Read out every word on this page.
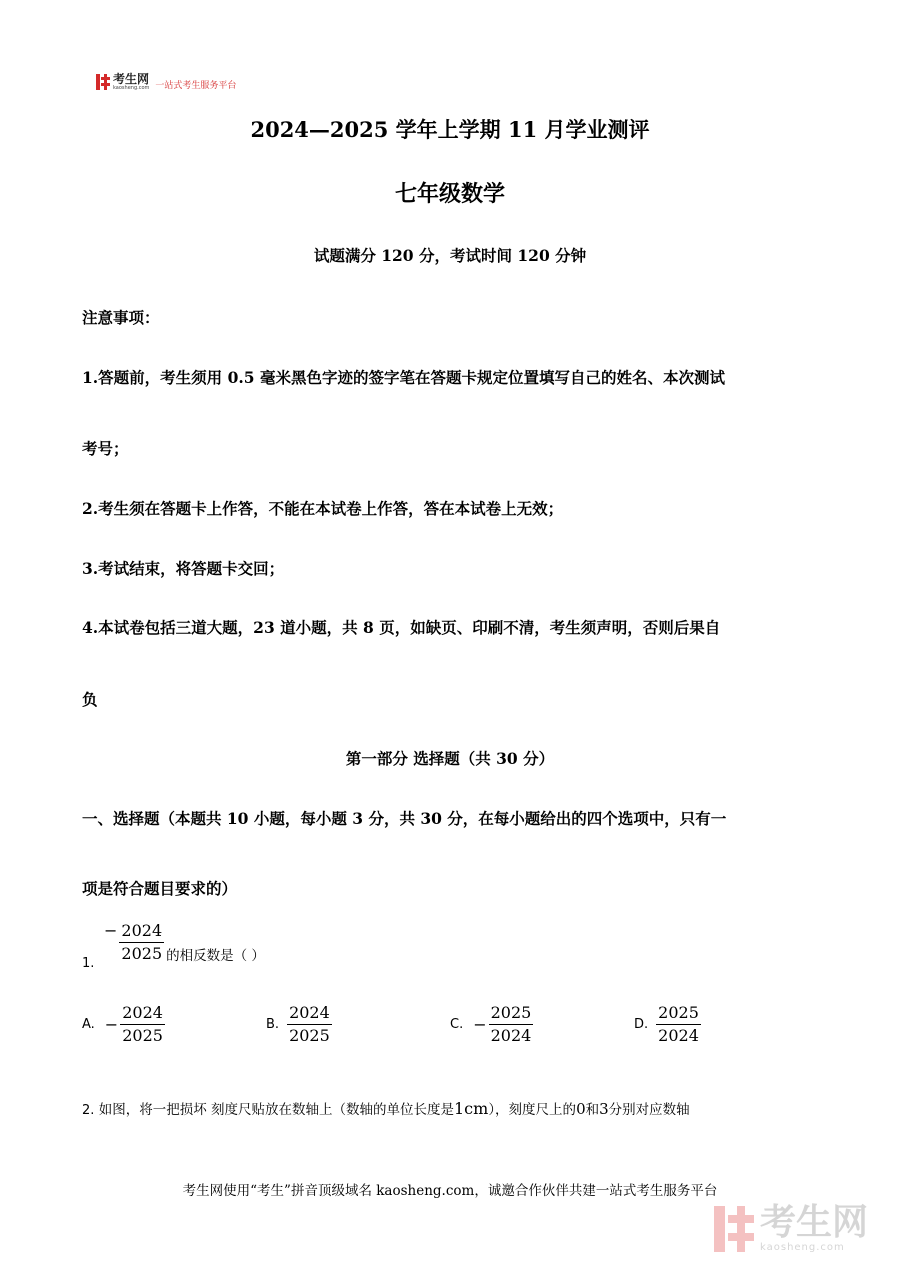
考生网
kaosheng.com 一站式考生服务平台
2024—2025 学年上学期 11 月学业测评
七年级数学
试题满分 120 分，考试时间 120 分钟
注意事项：
1.答题前，考生须用 0.5 毫米黑色字迹的签字笔在答题卡规定位置填写自己的姓名、本次测试
考号；
2.考生须在答题卡上作答，不能在本试卷上作答，答在本试卷上无效；
3.考试结束，将答题卡交回；
4.本试卷包括三道大题，23 道小题，共 8 页，如缺页、印刷不清，考生须声明，否则后果自
负
第一部分 选择题（共 30 分）
一、选择题（本题共 10 小题，每小题 3 分，共 30 分，在每小题给出的四个选项中，只有一
项是符合题目要求的）
1.
− $\frac{2024}{2025}$ 的相反数是（ ）
A. − $\frac{2024}{2025}$	B. $\frac{2024}{2025}$	C. − $\frac{2025}{2024}$	D. $\frac{2025}{2024}$
2. 如图，将一把损坏 刻度尺贴放在数轴上（数轴的单位长度是1cm），刻度尺上的0和3分别对应数轴
考生网使用“考生”拼音顶级域名 kaosheng.com，诚邀合作伙伴共建一站式考生服务平台
考生网
kaosheng.com
